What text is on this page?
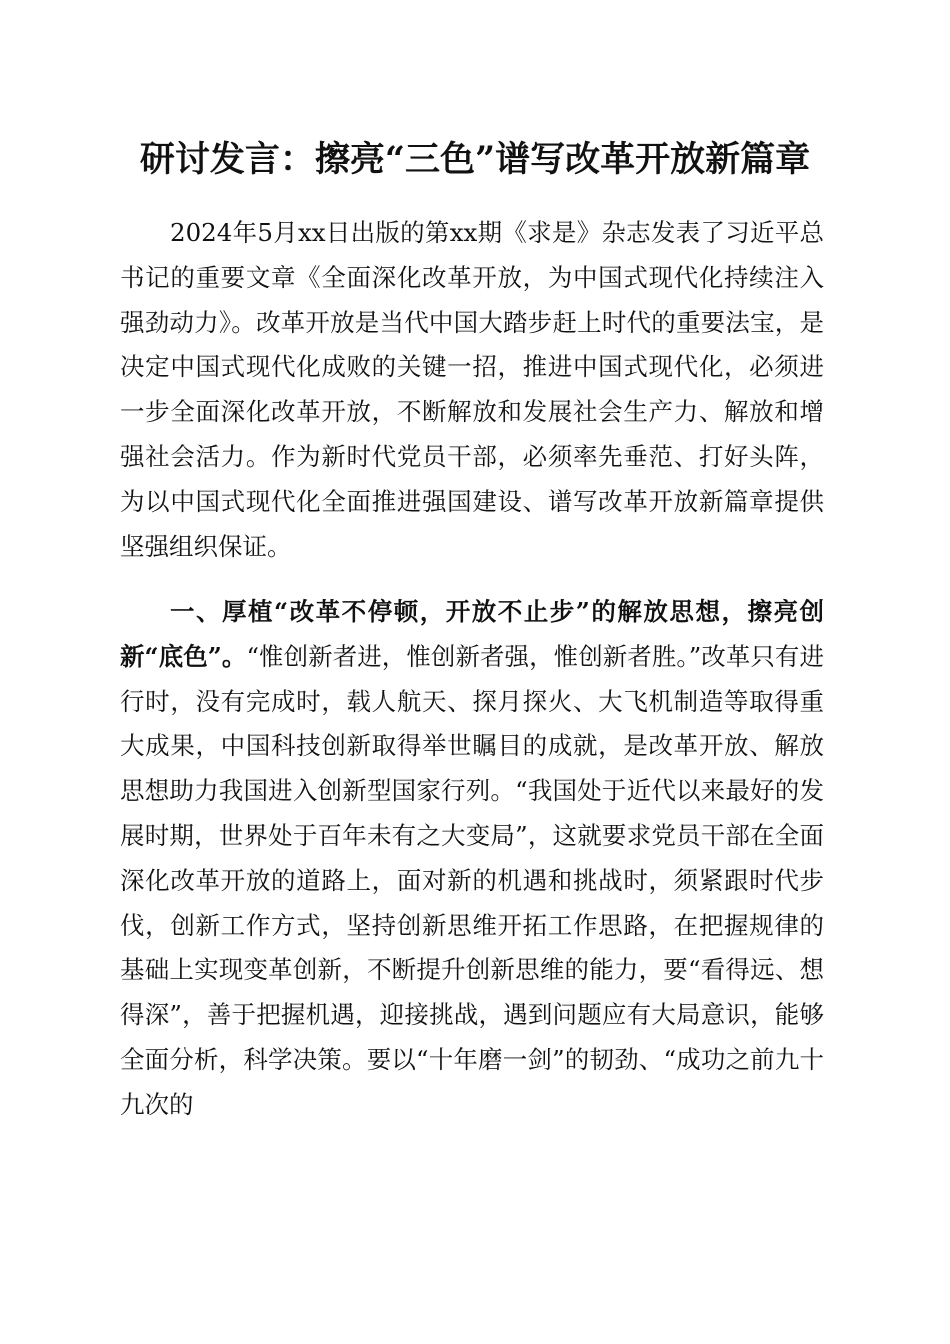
研讨发言：擦亮“三色”谱写改革开放新篇章
2024年5月xx日出版的第xx期《求是》杂志发表了习近平总书记的重要文章《全面深化改革开放，为中国式现代化持续注入强劲动力》。改革开放是当代中国大踏步赶上时代的重要法宝，是决定中国式现代化成败的关键一招，推进中国式现代化，必须进一步全面深化改革开放，不断解放和发展社会生产力、解放和增强社会活力。作为新时代党员干部，必须率先垂范、打好头阵，为以中国式现代化全面推进强国建设、谱写改革开放新篇章提供坚强组织保证。
一、厚植“改革不停顿，开放不止步”的解放思想，擦亮创新“底色”。“惟创新者进，惟创新者强，惟创新者胜。”改革只有进行时，没有完成时，载人航天、探月探火、大飞机制造等取得重大成果，中国科技创新取得举世瞩目的成就，是改革开放、解放思想助力我国进入创新型国家行列。“我国处于近代以来最好的发展时期，世界处于百年未有之大变局”，这就要求党员干部在全面深化改革开放的道路上，面对新的机遇和挑战时，须紧跟时代步伐，创新工作方式，坚持创新思维开拓工作思路，在把握规律的基础上实现变革创新，不断提升创新思维的能力，要“看得远、想得深”，善于把握机遇，迎接挑战，遇到问题应有大局意识，能够全面分析，科学决策。要以“十年磨一剑”的韧劲、“成功之前九十九次的
